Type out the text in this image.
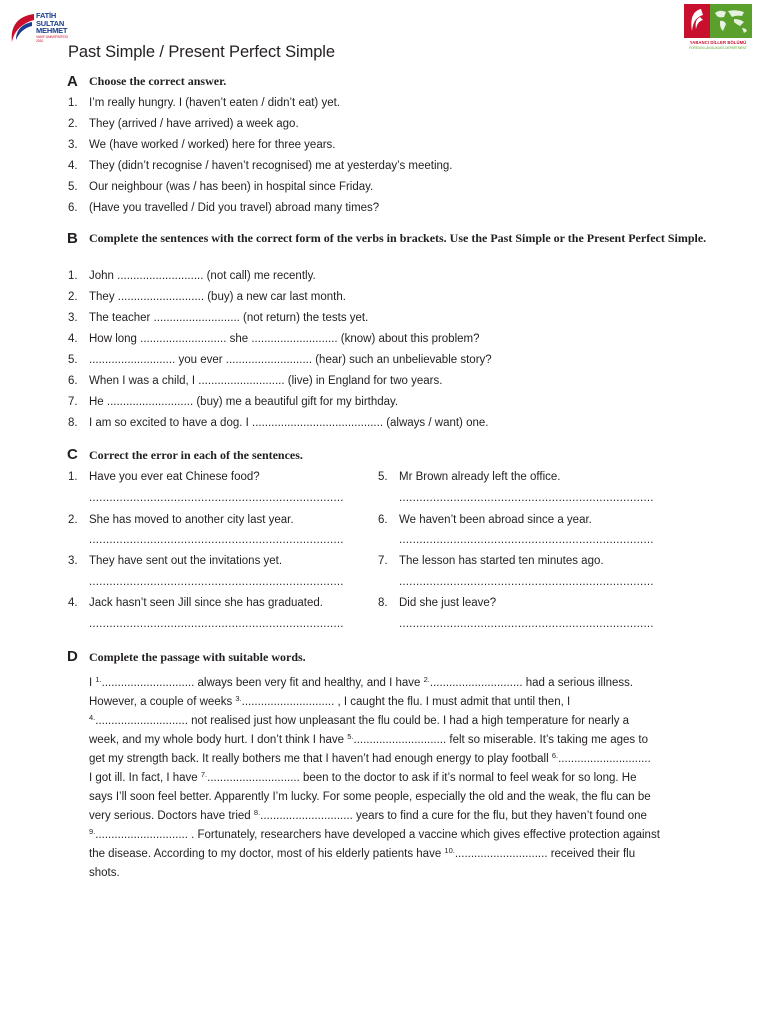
FATİH
SULTAN
MEHMET
VAKIF ÜNİVERSİTESİ 2010	YABANCI DİLLER BÖLÜMÜ
FOREIGN LANGUAGES DEPARTMENT
Past Simple / Present Perfect Simple
A Choose the correct answer.
1. I’m really hungry. I (haven’t eaten / didn’t eat) yet.
2. They (arrived / have arrived) a week ago.
3. We (have worked / worked) here for three years.
4. They (didn’t recognise / haven’t recognised) me at yesterday’s meeting.
5. Our neighbour (was / has been) in hospital since Friday.
6. (Have you travelled / Did you travel) abroad many times?
B Complete the sentences with the correct form of the verbs in brackets. Use the Past Simple or the Present Perfect Simple.
1. John ........................... (not call) me recently.
2. They ........................... (buy) a new car last month.
3. The teacher ........................... (not return) the tests yet.
4. How long ........................... she ........................... (know) about this problem?
5. ........................... you ever ........................... (hear) such an unbelievable story?
6. When I was a child, I ........................... (live) in England for two years.
7. He ........................... (buy) me a beautiful gift for my birthday.
8. I am so excited to have a dog. I ......................................... (always / want) one.
C Correct the error in each of the sentences.
1. Have you ever eat Chinese food?
...........................................................................
2. She has moved to another city last year.
...........................................................................
3. They have sent out the invitations yet.
...........................................................................
4. Jack hasn’t seen Jill since she has graduated.
...........................................................................
5. Mr Brown already left the office.
...........................................................................
6. We haven’t been abroad since a year.
...........................................................................
7. The lesson has started ten minutes ago.
...........................................................................
8. Did she just leave?
...........................................................................
D Complete the passage with suitable words.
I $^{1.}$............................. always been very fit and healthy, and I have $^{2.}$............................. had a serious illness.
However, a couple of weeks $^{3.}$............................. , I caught the flu. I must admit that until then, I
$^{4.}$............................. not realised just how unpleasant the flu could be. I had a high temperature for nearly a
week, and my whole body hurt. I don’t think I have $^{5.}$............................. felt so miserable. It’s taking me ages to
get my strength back. It really bothers me that I haven’t had enough energy to play football $^{6.}$.............................
I got ill. In fact, I have $^{7.}$............................. been to the doctor to ask if it’s normal to feel weak for so long. He
says I’ll soon feel better. Apparently I’m lucky. For some people, especially the old and the weak, the flu can be
very serious. Doctors have tried $^{8.}$............................. years to find a cure for the flu, but they haven’t found one
$^{9.}$............................. . Fortunately, researchers have developed a vaccine which gives effective protection against
the disease. According to my doctor, most of his elderly patients have $^{10.}$............................. received their flu
shots.
